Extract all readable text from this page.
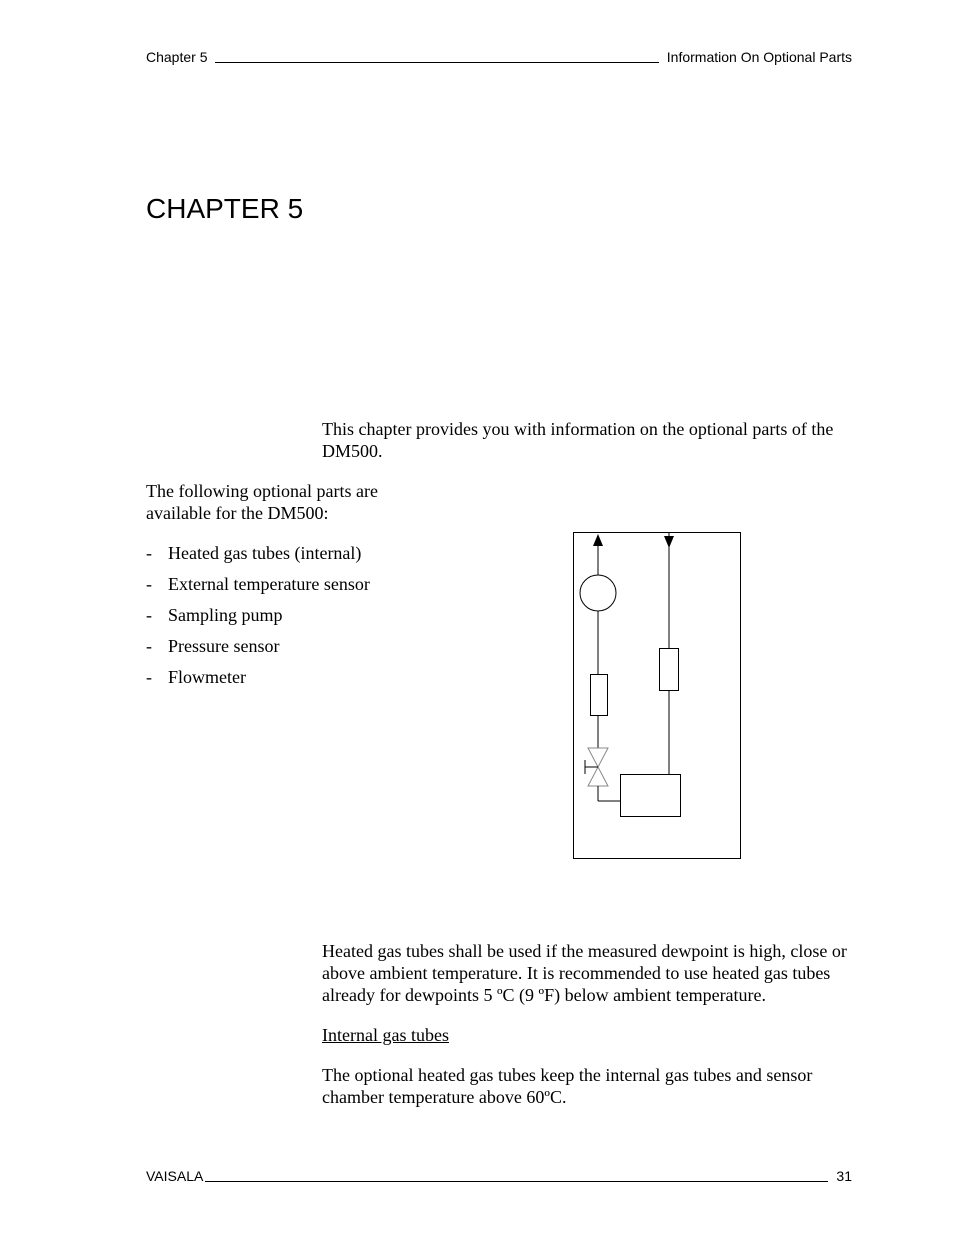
Chapter 5	Information On Optional Parts
CHAPTER 5

This chapter provides you with information on the optional parts of the DM500.

The following optional parts are available for the DM500:

- Heated gas tubes (internal)
- External temperature sensor
- Sampling pump
- Pressure sensor
- Flowmeter

Heated gas tubes shall be used if the measured dewpoint is high, close or above ambient temperature. It is recommended to use heated gas tubes already for dewpoints 5 ºC (9 ºF) below ambient temperature.

Internal gas tubes

The optional heated gas tubes keep the internal gas tubes and sensor chamber temperature above 60ºC.

VAISALA	31
